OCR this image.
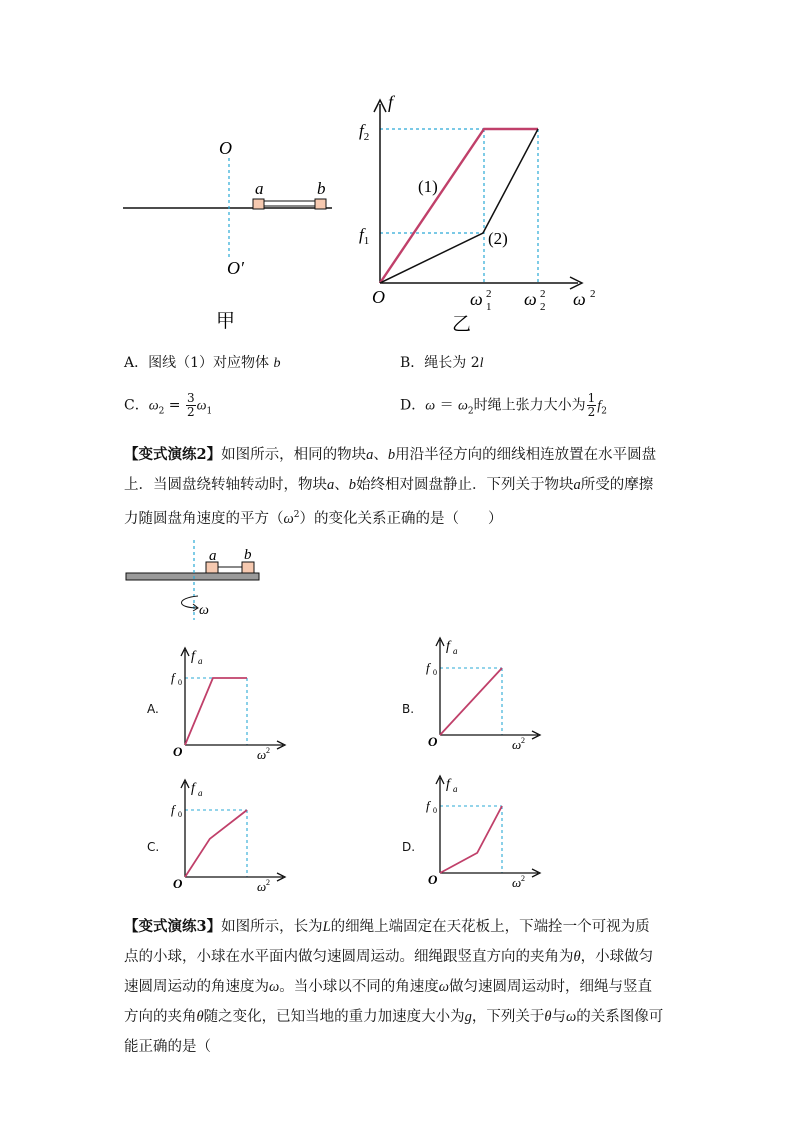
O
O′
a	b
甲
f
$f_2$
$f_1$
O	ω 2
1 ω 2
2 ω 2
(1)
(2)
乙
A．图线（1）对应物体 b	B．绳长为 2l
C．$\omega_2 = \frac{3}{2} \omega_1$	D．$\omega = \omega_2$时绳上张力大小为 $\frac{1}{2} f_2$
【变式演练2】如图所示，相同的物块a、b用沿半径方向的细线相连放置在水平圆盘上．当圆盘绕转轴转动时，物块a、b始终相对圆盘静止．下列关于物块a所受的摩擦力随圆盘角速度的平方$(\omega^2)$的变化关系正确的是（　　）
a b
ω
A.
f a
f 0
O	ω 2
B.
f a
f 0
O	ω 2
C.
f a
f 0
O	ω 2
D.
f a
f 0
O	ω 2
【变式演练3】如图所示，长为L的细绳上端固定在天花板上，下端拴一个可视为质点的小球，小球在水平面内做匀速圆周运动。细绳跟竖直方向的夹角为θ，小球做匀速圆周运动的角速度为ω。当小球以不同的角速度ω做匀速圆周运动时，细绳与竖直方向的夹角θ随之变化，已知当地的重力加速度大小为g，下列关于θ与ω的关系图像可能正确的是（
